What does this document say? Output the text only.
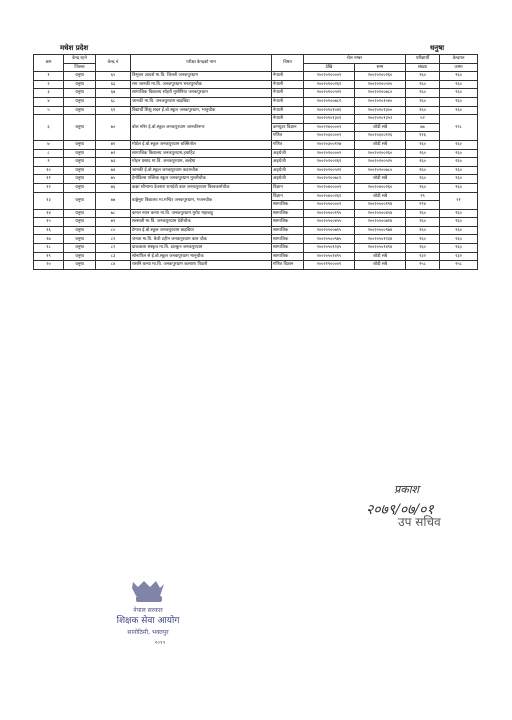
मधेश प्रदेश	धनुषा
क्रम	केन्द्र रहने	केन्द्र नं	परीक्षा केन्द्रको नाम	विषय	रोल नम्बर		परीक्षार्थी	केन्द्रगत
	जिल्ला				देखि	सम्म	संख्या	जम्मा
१	धनुषा	६५	त्रिभुवन आदर्श मा.वि. जिल्ली जनकपुरधाम	नेपाली	२००२०१००००१	२००२०१००२६०	२६०	२६०
२	धनुषा	६६	राम जानकी मा.वि. जनकपुरधाम भरतपुरचौक	नेपाली	२००२०१००२६१	२००२०१००५२०	२६०	२६०
३	धनुषा	६७	सामाजिक विद्यालय सोहरी मुशीनिया जनकपुरधाम	नेपाली	२००२०१००५२१	२००२०१००७८०	२६०	२६०
४	धनुषा	६८	जानकी मा.वि. जनकपुरधाम बाह्रबिघा	नेपाली	२००२०१००७८१	२००२०१०१०४०	२६०	२६०
५	धनुषा	६९	विद्यार्थी शिशु सदन ई.बो.स्कूल जनकपुरधाम, भानुचौक	नेपाली	२००२०१०१०४१	२००२०१०१३००	२६०	२६०
६	धनुषा	७०	बोल मरिर ई.बो.स्कूल जनकपुरधाम जानकीनगर	नेपाली	२००२०१०१३०१	२००२०१०१३५२	५२	२२८
				कम्प्युटर विज्ञान	२००२२४००००१	जोडी सबै	७७	
				गणित	२००२०३००००१	२००२०३००१२६	१२६	
७	धनुषा	७१	मोडेल ई.बो.स्कूल जनकपुरधाम बक्सितोल	गणित	२००२०३००१२७	जोडी सबै	२६०	२६०
८	धनुषा	७२	सामाजिक विद्यालय जनकपुरधाम,हवाहिट	अङ्ग्रेजी	२००२०२००००१	२००२०२००२६०	२६०	२६०
९	धनुषा	७३	मोहन प्रसाद मा.वि. जनकपुरधाम, बल्हैया	अङ्ग्रेजी	२००२०२००२६१	२००२०२००५२०	२६०	२६०
१०	धनुषा	७४	जानकी ई.बो.स्कूल जनकपुरधाम कदमचौक	अङ्ग्रेजी	२००२०२००५२१	२००२०२००७८०	२६०	२६०
११	धनुषा	७५	हेमोडिल्स पब्लिक स्कूल जनकपुरधाम मुरलीचौक	अङ्ग्रेजी	२००२०२००७८१	जोडी सबै	२६०	२६०
१२	धनुषा	७६	कक्षा सौभाग्य देवनारा रामदेवी बाल जनकपुरधाम विश्वकर्माचौक	विज्ञान	२००२०४००००१	२००२०४००२६०	२६०	२६०
१३	धनुषा	७७	बाङ्मेनुरा विद्यालय मा.मन्दिर जनकपुरधाम, भजनचौक	विज्ञान	२००२०४००२६१	जोडी सबै	२९	२१
				सामाजिक	२००२०५००००१	२००२०५००१९४	१९४	
१४	धनुषा	७८	कमल नयन कन्या मा.वि. जनकपुरधाम मुरोट महाबाटु	सामाजिक	२००२०५००१९५	२००२०५००४५४	२६०	२६०
१५	धनुषा	७९	सरस्वती मा.वि. जनकपुरधाम देवीचौक	सामाजिक	२००२०५००४५५	२००२०५००७१४	२६०	२६०
१६	धनुषा	८०	टेम्पल ई.बो.स्कूल जनकपुरधाम बाह्रबिघा	सामाजिक	२००२०५००७१५	२००२०५००९७४	२६०	२६०
१७	धनुषा	८१	जनता मा.वि. बैजी टहीन जनकपुरधाम बाल चौक	सामाजिक	२००२०५००९७५	२००२०५०१२३४	२६०	२६०
१८	धनुषा	८२	डाकवाला संस्कृत मा.वि. डाल्कुन जनकपुरधाम	सामाजिक	२००२०५०१२३५	२००२०५०१४९४	२६०	२६०
१९	धनुषा	८३	सोनापिल से ई.बो.स्कूल जनकपुरधाम भानुचौक	सामाजिक	२००२०५०१४९५	जोडी सबै	२३२	२३२
२०	धनुषा	८४	रासनि कन्या मा.वि. जनकपुरधाम कल्याण पिडारी	गणित विज्ञान	२००२१९००००१	जोडी सबै	२५८	२५८
प्रकाश
२०७९/०७/०१
उप सचिव
नेपाल सरकार
शिक्षक सेवा आयोग
सानोठिमी, भक्तपुर
२०१९
